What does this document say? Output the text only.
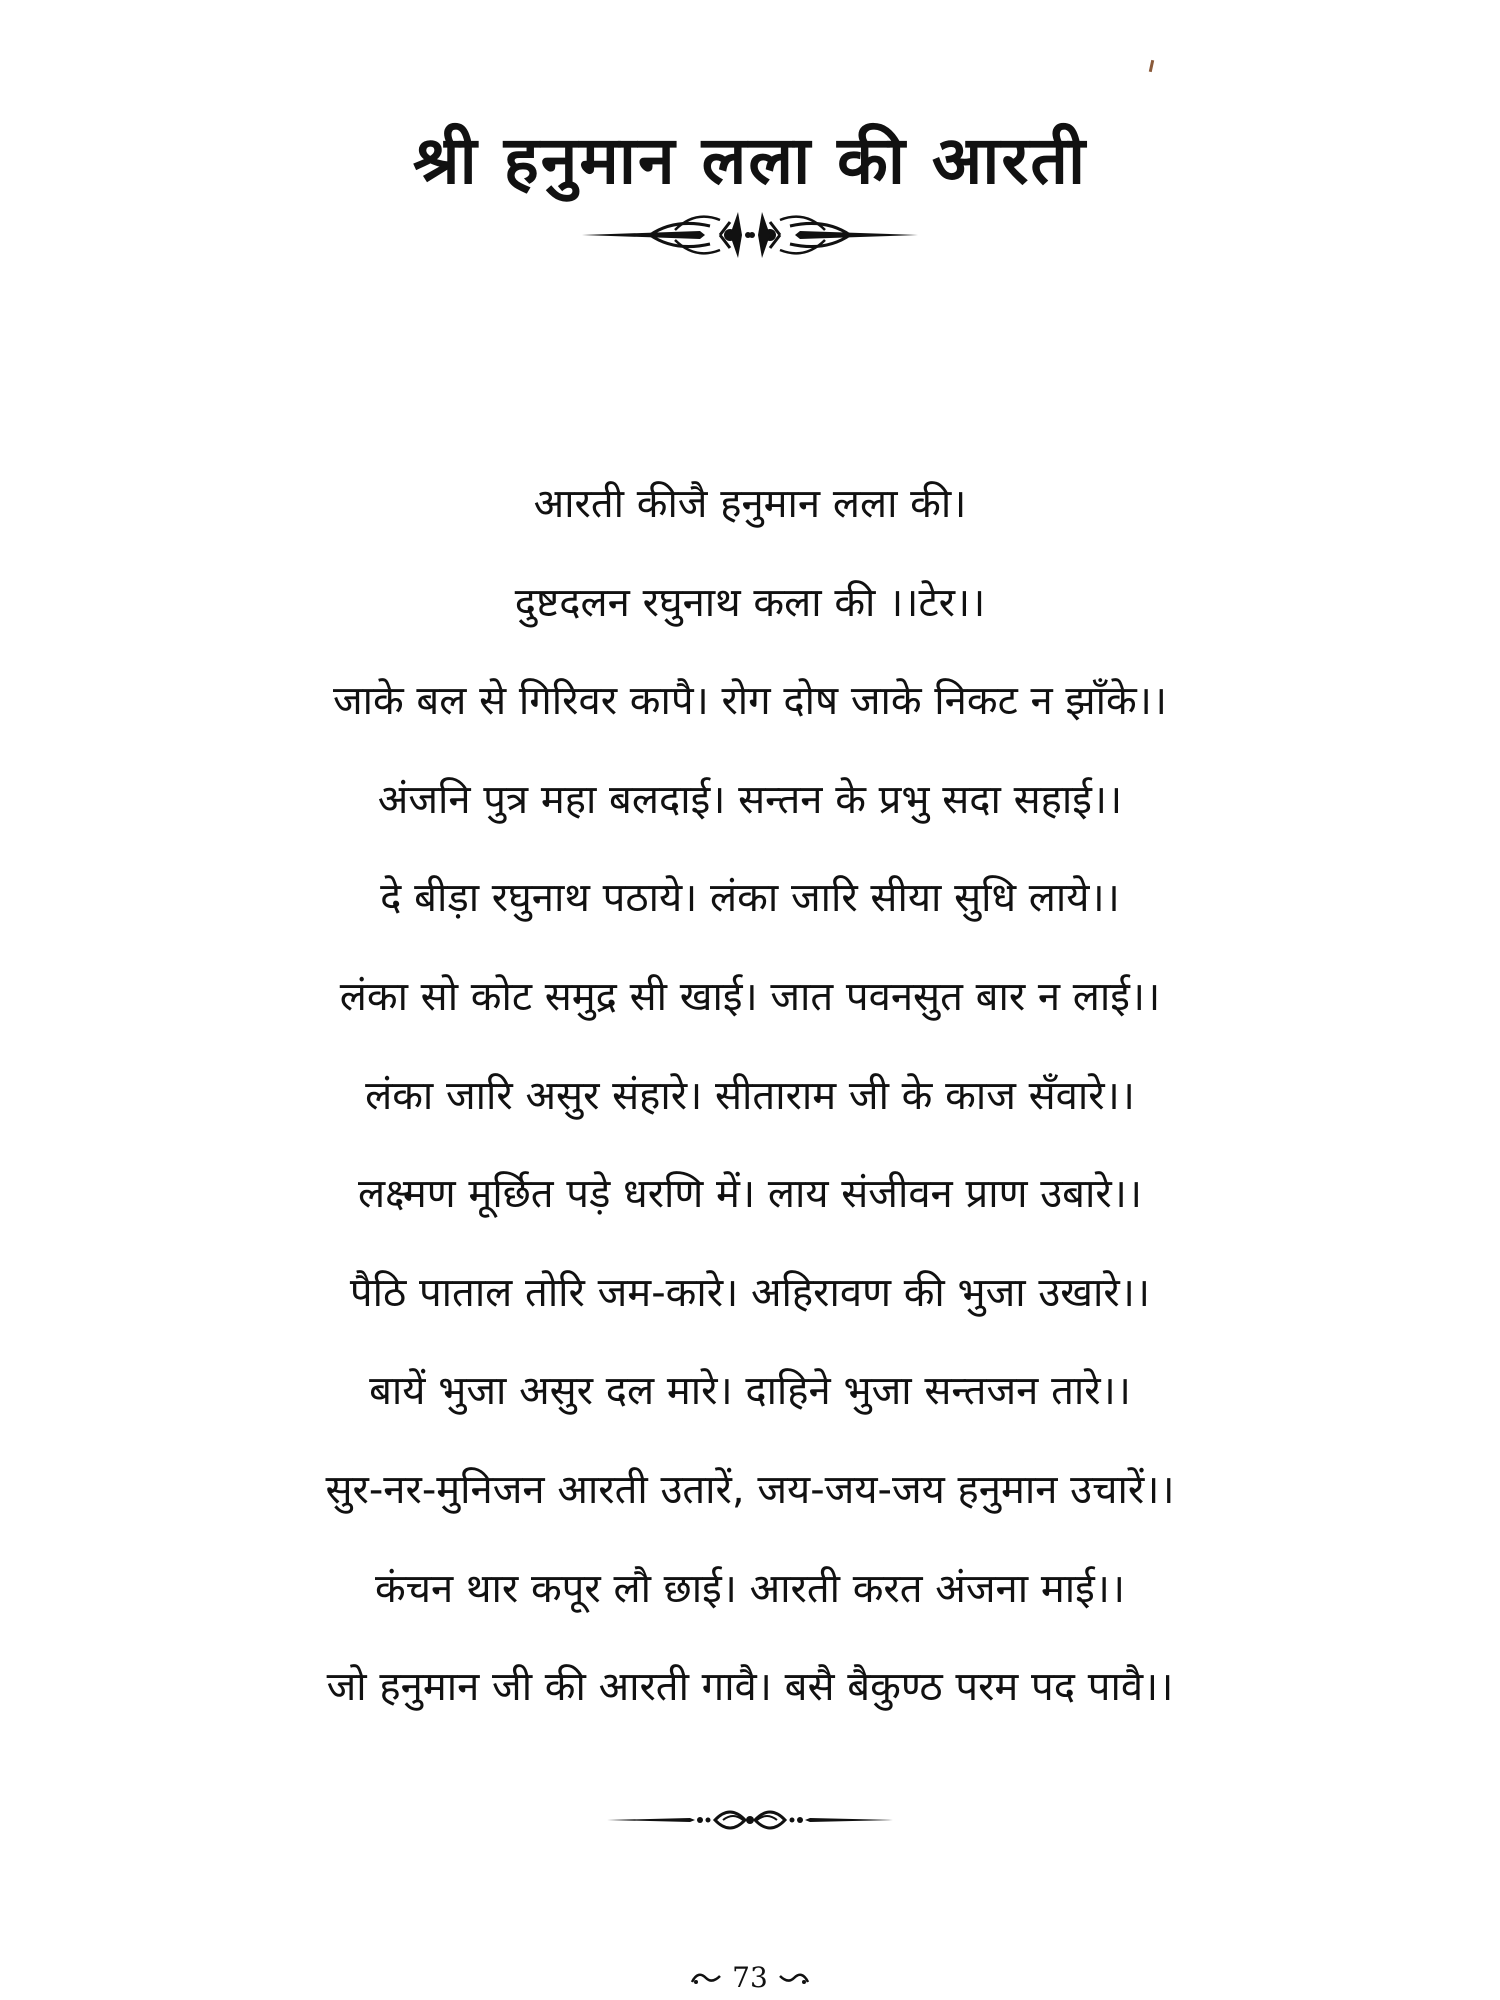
श्री हनुमान लला की आरती
आरती कीजै हनुमान लला की।
दुष्टदलन रघुनाथ कला की ।।टेर।।
जाके बल से गिरिवर कापै। रोग दोष जाके निकट न झाँके।।
अंजनि पुत्र महा बलदाई। सन्तन के प्रभु सदा सहाई।।
दे बीड़ा रघुनाथ पठाये। लंका जारि सीया सुधि लाये।।
लंका सो कोट समुद्र सी खाई। जात पवनसुत बार न लाई।।
लंका जारि असुर संहारे। सीताराम जी के काज सँवारे।।
लक्ष्मण मूर्छित पड़े धरणि में। लाय संजीवन प्राण उबारे।।
पैठि पाताल तोरि जम-कारे। अहिरावण की भुजा उखारे।।
बायें भुजा असुर दल मारे। दाहिने भुजा सन्तजन तारे।।
सुर-नर-मुनिजन आरती उतारें, जय-जय-जय हनुमान उचारें।।
कंचन थार कपूर लौ छाई। आरती करत अंजना माई।।
जो हनुमान जी की आरती गावै। बसै बैकुण्ठ परम पद पावै।।
73
